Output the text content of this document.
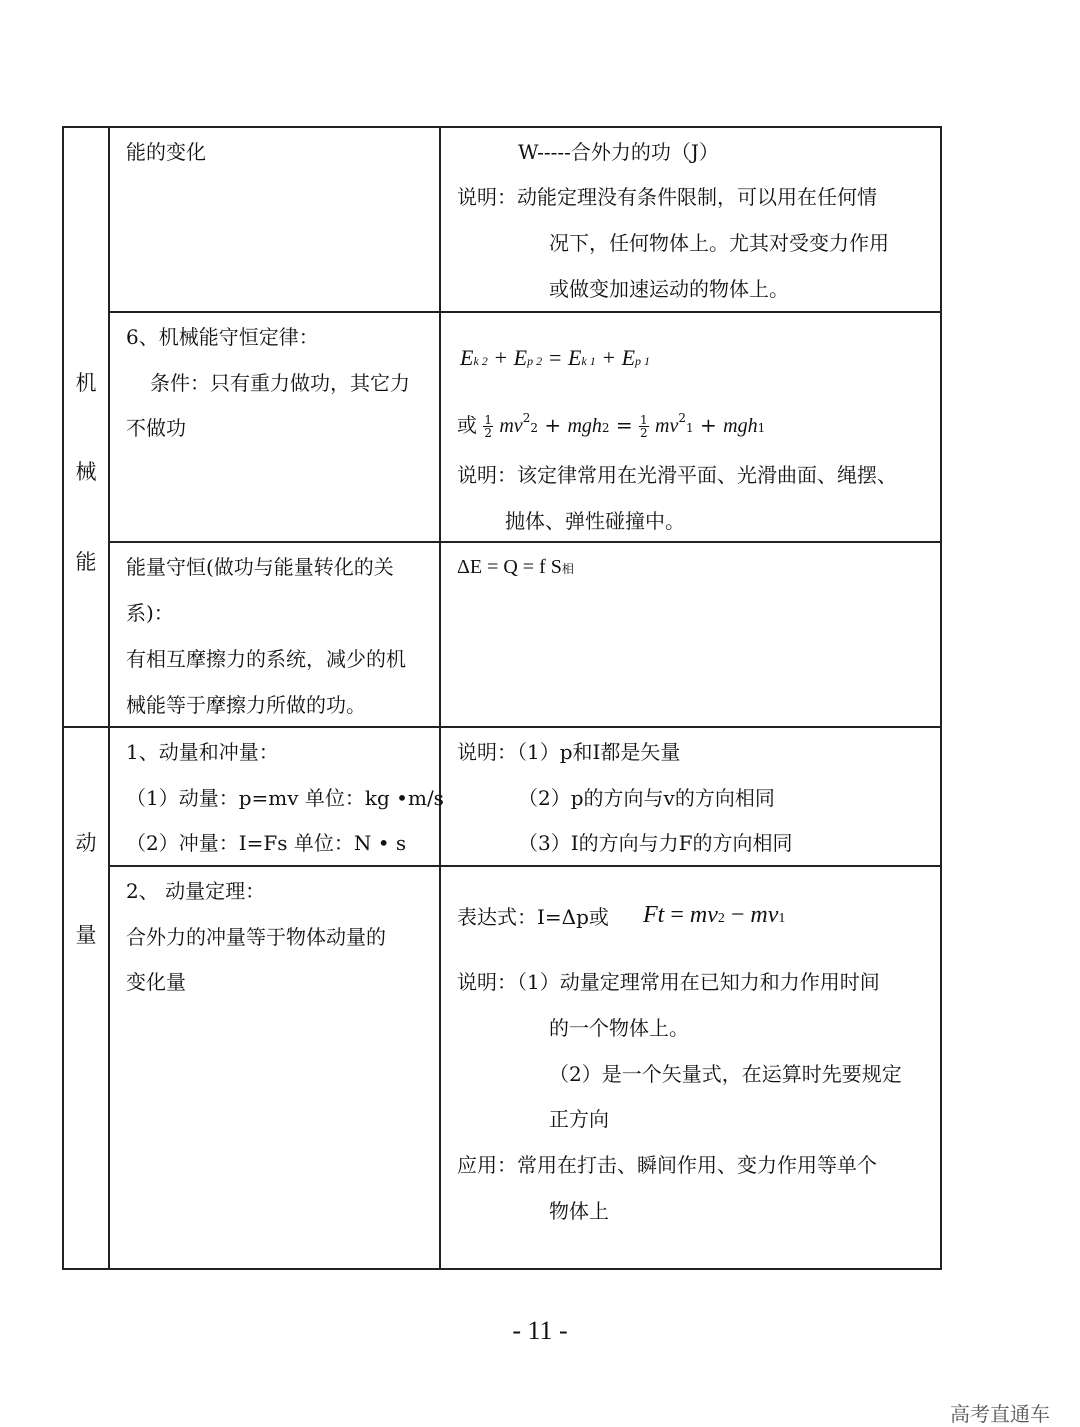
机
械
能
动
量
能的变化	W-----合外力的功（J）
说明：动能定理没有条件限制，可以用在任何情
况下，任何物体上。尤其对受变力作用
或做变加速运动的物体上。
6、机械能守恒定律：
条件：只有重力做功，其它力
不做功
Ek 2 + Ep 2 = Ek 1 + Ep 1
或 $\frac{1}{2} mv^22 + mgh2 = \frac{1}{2} mv^21 + mgh1$
说明：该定律常用在光滑平面、光滑曲面、绳摆、
抛体、弹性碰撞中。
能量守恒(做功与能量转化的关
系)：
有相互摩擦力的系统，减少的机
械能等于摩擦力所做的功。
ΔE = Q = f S相
1、动量和冲量：
（1）动量：p=mv 单位：kg •m/s
（2）冲量：I=Fs 单位：N • s
说明：（1）p和I都是矢量
（2）p的方向与v的方向相同
（3）I的方向与力F的方向相同
2、 动量定理：
合外力的冲量等于物体动量的
变化量
表达式：I=Δp或 Ft = mv2 − mv1
说明：（1）动量定理常用在已知力和力作用时间
的一个物体上。
（2）是一个矢量式，在运算时先要规定
正方向
应用：常用在打击、瞬间作用、变力作用等单个
物体上
- 11 -
高考直通车
